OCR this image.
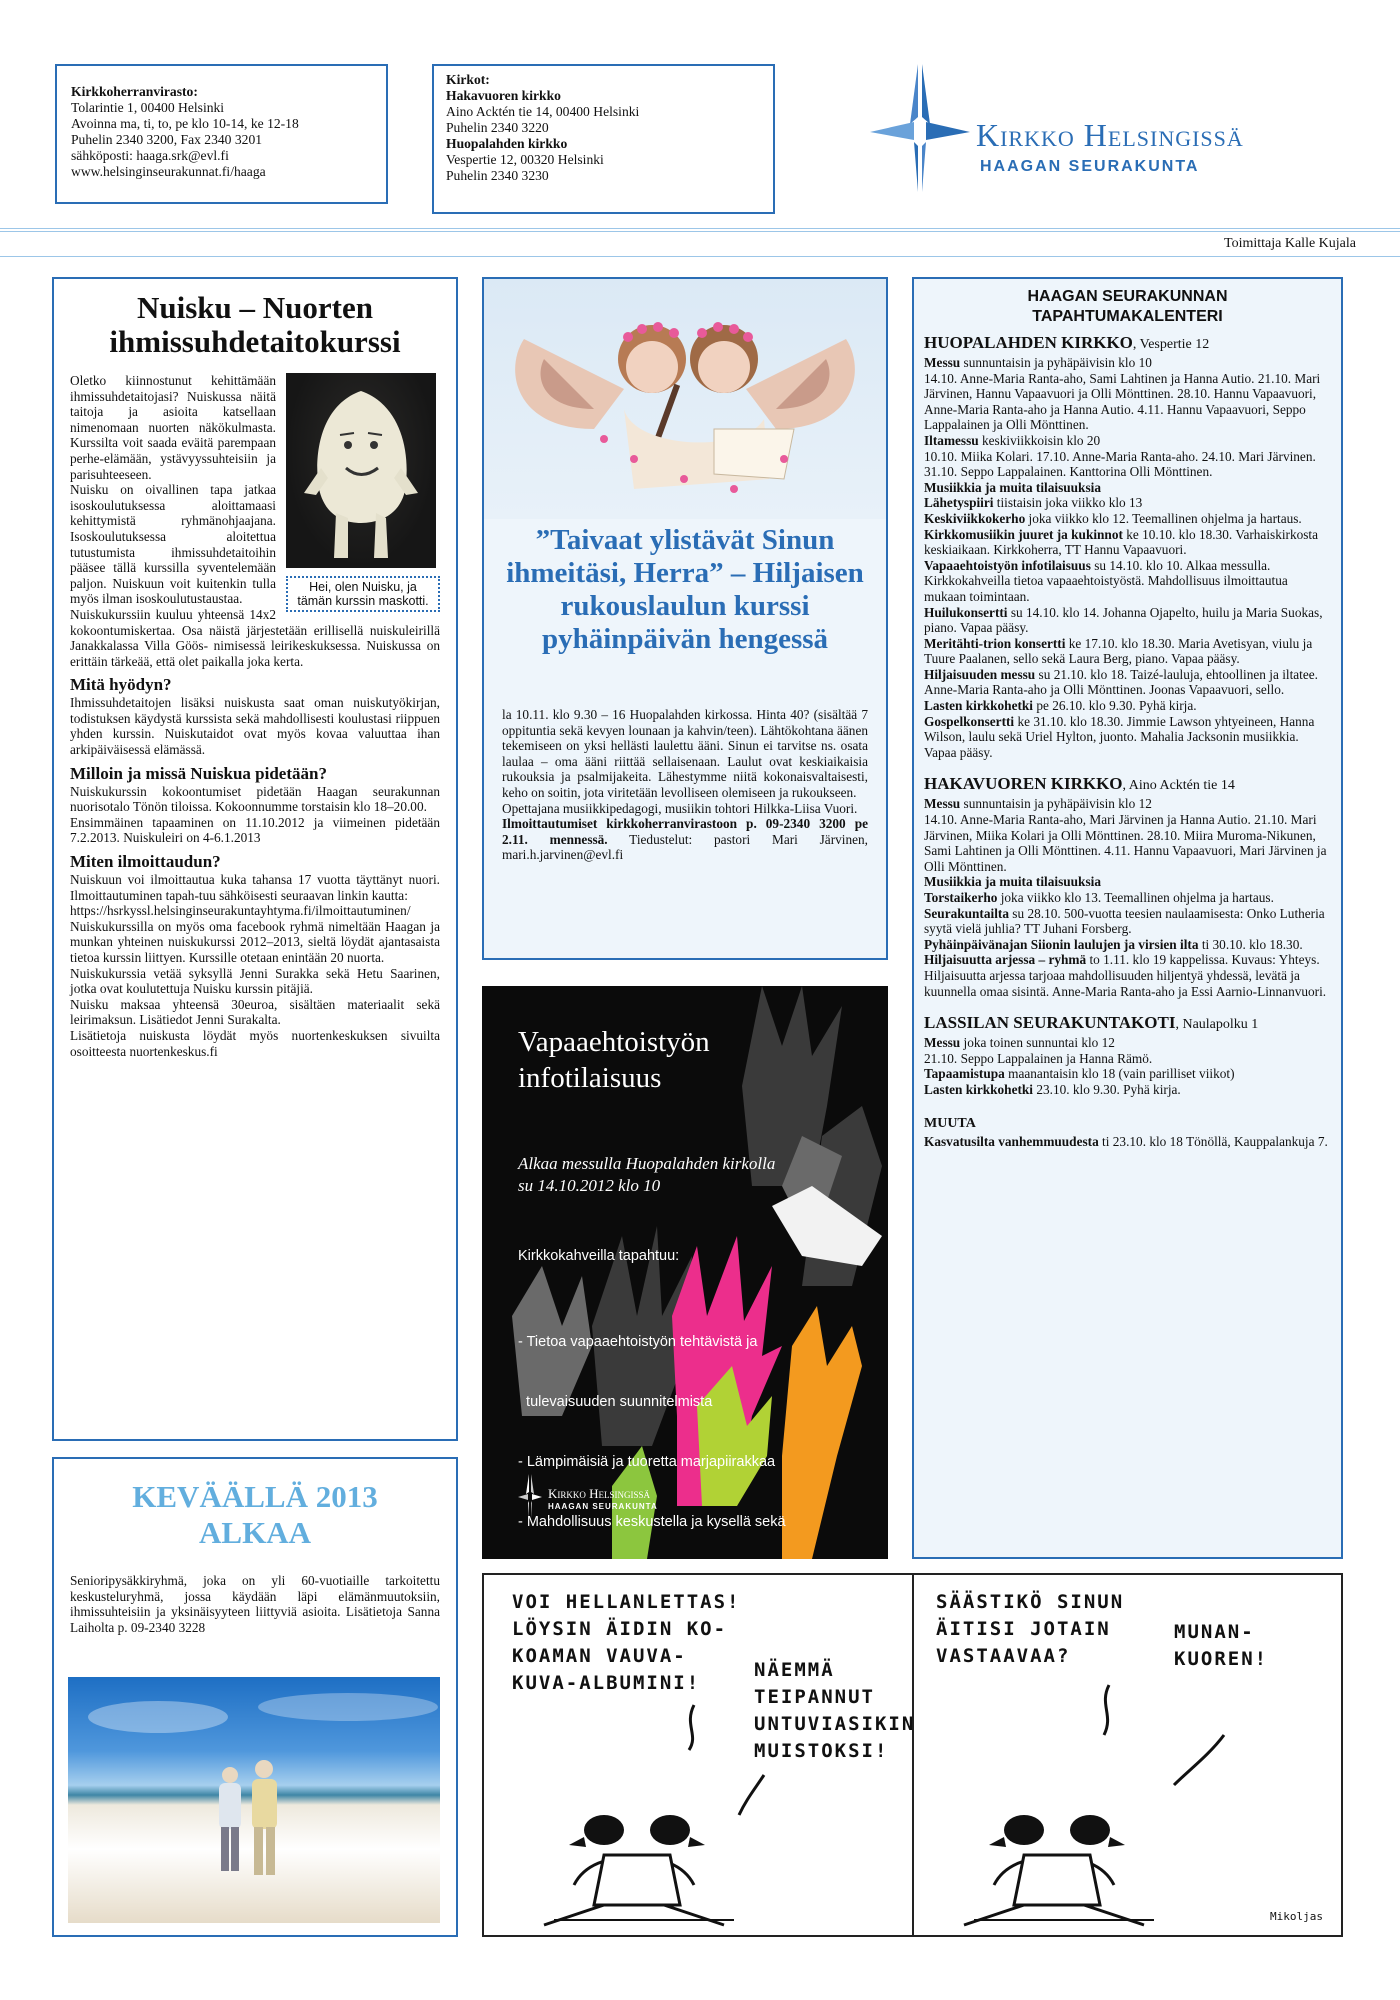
Kirkkoherranvirasto:

Tolarintie 1, 00400 Helsinki

Avoinna ma, ti, to, pe klo 10-14, ke 12-18

Puhelin 2340 3200, Fax 2340 3201

sähköposti: haaga.srk@evl.fi

www.helsinginseurakunnat.fi/haaga

Kirkot:

Hakavuoren kirkko

Aino Acktén tie 14, 00400 Helsinki

Puhelin 2340 3220

Huopalahden kirkko

Vespertie 12, 00320 Helsinki

Puhelin 2340 3230

Kirkko Helsingissä
HAAGAN SEURAKUNTA
Toimittaja Kalle Kujala
Nuisku – Nuorten ihmissuhdetaitokurssi
Hei, olen Nuisku, ja tämän kurssin maskotti.

Oletko kiinnostunut kehittämään ihmissuhdetaitojasi? Nuiskussa näitä taitoja ja asioita katsellaan nimenomaan nuorten näkökulmasta. Kurssilta voit saada eväitä parempaan perhe-elämään, ystävyyssuhteisiin ja parisuhteeseen.

Nuisku on oivallinen tapa jatkaa isoskoulutuksessa aloittamaasi kehittymistä ryhmänohjaajana. Isoskoulutuksessa aloitettua tutustumista ihmissuhdetaitoihin pääsee tällä kurssilla syventelemään paljon. Nuiskuun voit kuitenkin tulla myös ilman isoskoulutustaustaa.

Nuiskukurssiin kuuluu yhteensä 14x2 kokoontumiskertaa. Osa näistä järjestetään erillisellä nuiskuleirillä Janakkalassa Villa Göös- nimisessä leirikeskuksessa. Nuiskussa on erittäin tärkeää, että olet paikalla joka kerta.

Mitä hyödyn?

Ihmissuhdetaitojen lisäksi nuiskusta saat oman nuiskutyökirjan, todistuksen käydystä kurssista sekä mahdollisesti koulustasi riippuen yhden kurssin. Nuiskutaidot ovat myös kovaa valuuttaa ihan arkipäiväisessä elämässä.

Milloin ja missä Nuiskua pidetään?

Nuiskukurssin kokoontumiset pidetään Haagan seurakunnan nuorisotalo Tönön tiloissa. Kokoonnumme torstaisin klo 18–20.00.

Ensimmäinen tapaaminen on 11.10.2012 ja viimeinen pidetään 7.2.2013. Nuiskuleiri on 4-6.1.2013

Miten ilmoittaudun?

Nuiskuun voi ilmoittautua kuka tahansa 17 vuotta täyttänyt nuori. Ilmoittautuminen tapah-tuu sähköisesti seuraavan linkin kautta:

https://hsrkyssl.helsinginseurakuntayhtyma.fi/ilmoittautuminen/

Nuiskukurssilla on myös oma facebook ryhmä nimeltään Haagan ja munkan yhteinen nuiskukurssi 2012–2013, sieltä löydät ajantasaista tietoa kurssin liittyen. Kurssille otetaan enintään 20 nuorta.

Nuiskukurssia vetää syksyllä Jenni Surakka sekä Hetu Saarinen, jotka ovat koulutettuja Nuisku kurssin pitäjiä.

Nuisku maksaa yhteensä 30euroa, sisältäen materiaalit sekä leirimaksun. Lisätiedot Jenni Surakalta.

Lisätietoja nuiskusta löydät myös nuortenkeskuksen sivuilta osoitteesta nuortenkeskus.fi

KEVÄÄLLÄ 2013
ALKAA

Senioripysäkkiryhmä, joka on yli 60-vuotiaille tarkoitettu keskusteluryhmä, jossa käydään läpi elämänmuutoksiin, ihmissuhteisiin ja yksinäisyyteen liittyviä asioita. Lisätietoja Sanna Laiholta p. 09-2340 3228

”Taivaat ylistävät Sinun ihmeitäsi, Herra” – Hiljaisen rukouslaulun kurssi pyhäinpäivän hengessä

la 10.11. klo 9.30 – 16 Huopalahden kirkossa. Hinta 40? (sisältää 7 oppituntia sekä kevyen lounaan ja kahvin/teen). Lähtökohtana äänen tekemiseen on yksi hellästi laulettu ääni. Sinun ei tarvitse ns. osata laulaa – oma ääni riittää sellaisenaan. Laulut ovat keskiaikaisia rukouksia ja psalmijakeita. Lähestymme niitä kokonaisvaltaisesti, keho on soitin, jota viritetään levolliseen olemiseen ja rukoukseen.

Opettajana musiikkipedagogi, musiikin tohtori Hilkka-Liisa Vuori.

Ilmoittautumiset kirkkoherranvirastoon p. 09-2340 3200 pe 2.11. mennessä. Tiedustelut: pastori Mari Järvinen, mari.h.jarvinen@evl.fi

Vapaaehtoistyön
infotilaisuus
Alkaa messulla Huopalahden kirkolla
su 14.10.2012 klo 10
Kirkkokahveilla tapahtuu:

- Tietoa vapaaehtoistyön tehtävistä ja

tulevaisuuden suunnitelmista

- Lämpimäisiä ja tuoretta marjapiirakkaa

- Mahdollisuus keskustella ja kysellä sekä

Kirkko Helsingissä
HAAGAN SEURAKUNTA
HAAGAN SEURAKUNNAN
TAPAHTUMAKALENTERI
HUOPALAHDEN KIRKKO, Vespertie 12

Messu sunnuntaisin ja pyhäpäivisin klo 10

14.10. Anne-Maria Ranta-aho, Sami Lahtinen ja Hanna Autio. 21.10. Mari Järvinen, Hannu Vapaavuori ja Olli Mönttinen. 28.10. Hannu Vapaavuori, Anne-Maria Ranta-aho ja Hanna Autio. 4.11. Hannu Vapaavuori, Seppo Lappalainen ja Olli Mönttinen.

Iltamessu keskiviikkoisin klo 20

10.10. Miika Kolari. 17.10. Anne-Maria Ranta-aho. 24.10. Mari Järvinen. 31.10. Seppo Lappalainen. Kanttorina Olli Mönttinen.

Musiikkia ja muita tilaisuuksia

Lähetyspiiri tiistaisin joka viikko klo 13

Keskiviikkokerho joka viikko klo 12. Teemallinen ohjelma ja hartaus.

Kirkkomusiikin juuret ja kukinnot ke 10.10. klo 18.30. Varhaiskirkosta keskiaikaan. Kirkkoherra, TT Hannu Vapaavuori.

Vapaaehtoistyön infotilaisuus su 14.10. klo 10. Alkaa messulla. Kirkkokahveilla tietoa vapaaehtoistyöstä. Mahdollisuus ilmoittautua mukaan toimintaan.

Huilukonsertti su 14.10. klo 14. Johanna Ojapelto, huilu ja Maria Suokas, piano. Vapaa pääsy.

Meritähti-trion konsertti ke 17.10. klo 18.30. Maria Avetisyan, viulu ja Tuure Paalanen, sello sekä Laura Berg, piano. Vapaa pääsy.

Hiljaisuuden messu su 21.10. klo 18. Taizé-lauluja, ehtoollinen ja iltatee. Anne-Maria Ranta-aho ja Olli Mönttinen. Joonas Vapaavuori, sello.

Lasten kirkkohetki pe 26.10. klo 9.30. Pyhä kirja.

Gospelkonsertti ke 31.10. klo 18.30. Jimmie Lawson yhtyeineen, Hanna Wilson, laulu sekä Uriel Hylton, juonto. Mahalia Jacksonin musiikkia. Vapaa pääsy.

HAKAVUOREN KIRKKO, Aino Acktén tie 14

Messu sunnuntaisin ja pyhäpäivisin klo 12

14.10. Anne-Maria Ranta-aho, Mari Järvinen ja Hanna Autio. 21.10. Mari Järvinen, Miika Kolari ja Olli Mönttinen. 28.10. Miira Muroma-Nikunen, Sami Lahtinen ja Olli Mönttinen. 4.11. Hannu Vapaavuori, Mari Järvinen ja Olli Mönttinen.

Musiikkia ja muita tilaisuuksia

Torstaikerho joka viikko klo 13. Teemallinen ohjelma ja hartaus.

Seurakuntailta su 28.10. 500-vuotta teesien naulaamisesta: Onko Lutheria syytä vielä juhlia? TT Juhani Forsberg.

Pyhäinpäivänajan Siionin laulujen ja virsien ilta ti 30.10. klo 18.30.

Hiljaisuutta arjessa – ryhmä to 1.11. klo 19 kappelissa. Kuvaus: Yhteys. Hiljaisuutta arjessa tarjoaa mahdollisuuden hiljentyä yhdessä, levätä ja kuunnella omaa sisintä. Anne-Maria Ranta-aho ja Essi Aarnio-Linnanvuori.

LASSILAN SEURAKUNTAKOTI, Naulapolku 1

Messu joka toinen sunnuntai klo 12

21.10. Seppo Lappalainen ja Hanna Rämö.

Tapaamistupa maanantaisin klo 18 (vain parilliset viikot)

Lasten kirkkohetki 23.10. klo 9.30. Pyhä kirja.

MUUTA

Kasvatusilta vanhemmuudesta ti 23.10. klo 18 Tönöllä, Kauppalankuja 7.

VOI HELLANLETTAS!
LÖYSIN ÄIDIN KO-
KOAMAN VAUVA-
KUVA-ALBUMINI!
NÄEMMÄ
TEIPANNUT
UNTUVIASIKIN
MUISTOKSI!
SÄÄSTIKÖ SINUN
ÄITISI JOTAIN
VASTAAVAA?
MUNAN-
KUOREN!
Mikoljas
